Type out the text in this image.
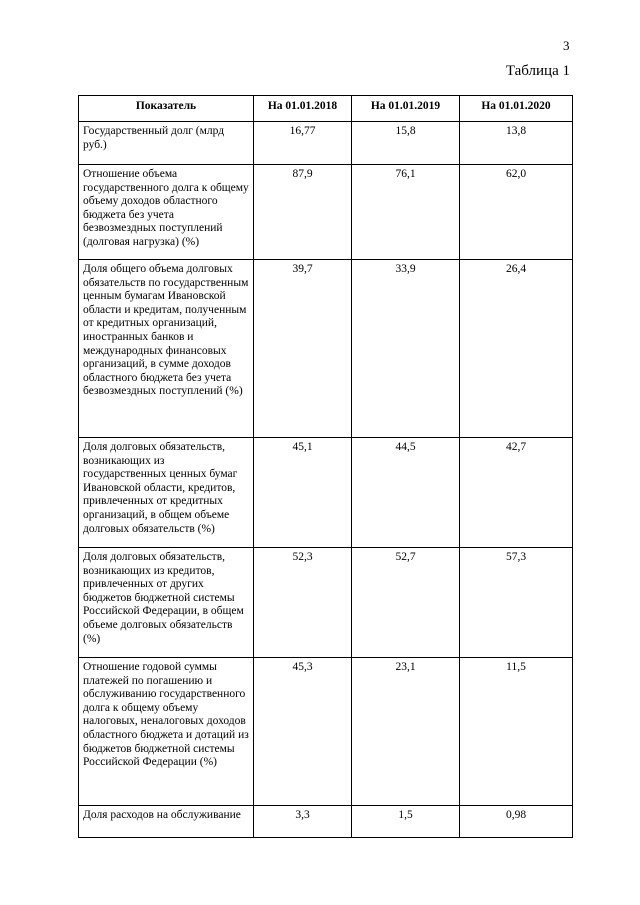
3
Таблица 1
Показатель	На 01.01.2018	На 01.01.2019	На 01.01.2020
Государственный долг (млрд руб.)	16,77	15,8	13,8
Отношение объема государственного долга к общему объему доходов областного бюджета без учета безвозмездных поступлений (долговая нагрузка) (%)	87,9	76,1	62,0
Доля общего объема долговых обязательств по государственным ценным бумагам Ивановской области и кредитам, полученным от кредитных организаций, иностранных банков и международных финансовых организаций, в сумме доходов областного бюджета без учета безвозмездных поступлений (%)	39,7	33,9	26,4
Доля долговых обязательств, возникающих из государственных ценных бумаг Ивановской области, кредитов, привлеченных от кредитных организаций, в общем объеме долговых обязательств (%)	45,1	44,5	42,7
Доля долговых обязательств, возникающих из кредитов, привлеченных от других бюджетов бюджетной системы Российской Федерации, в общем объеме долговых обязательств (%)	52,3	52,7	57,3
Отношение годовой суммы платежей по погашению и обслуживанию государственного долга к общему объему налоговых, неналоговых доходов областного бюджета и дотаций из бюджетов бюджетной системы Российской Федерации (%)	45,3	23,1	11,5
Доля расходов на обслуживание	3,3	1,5	0,98
